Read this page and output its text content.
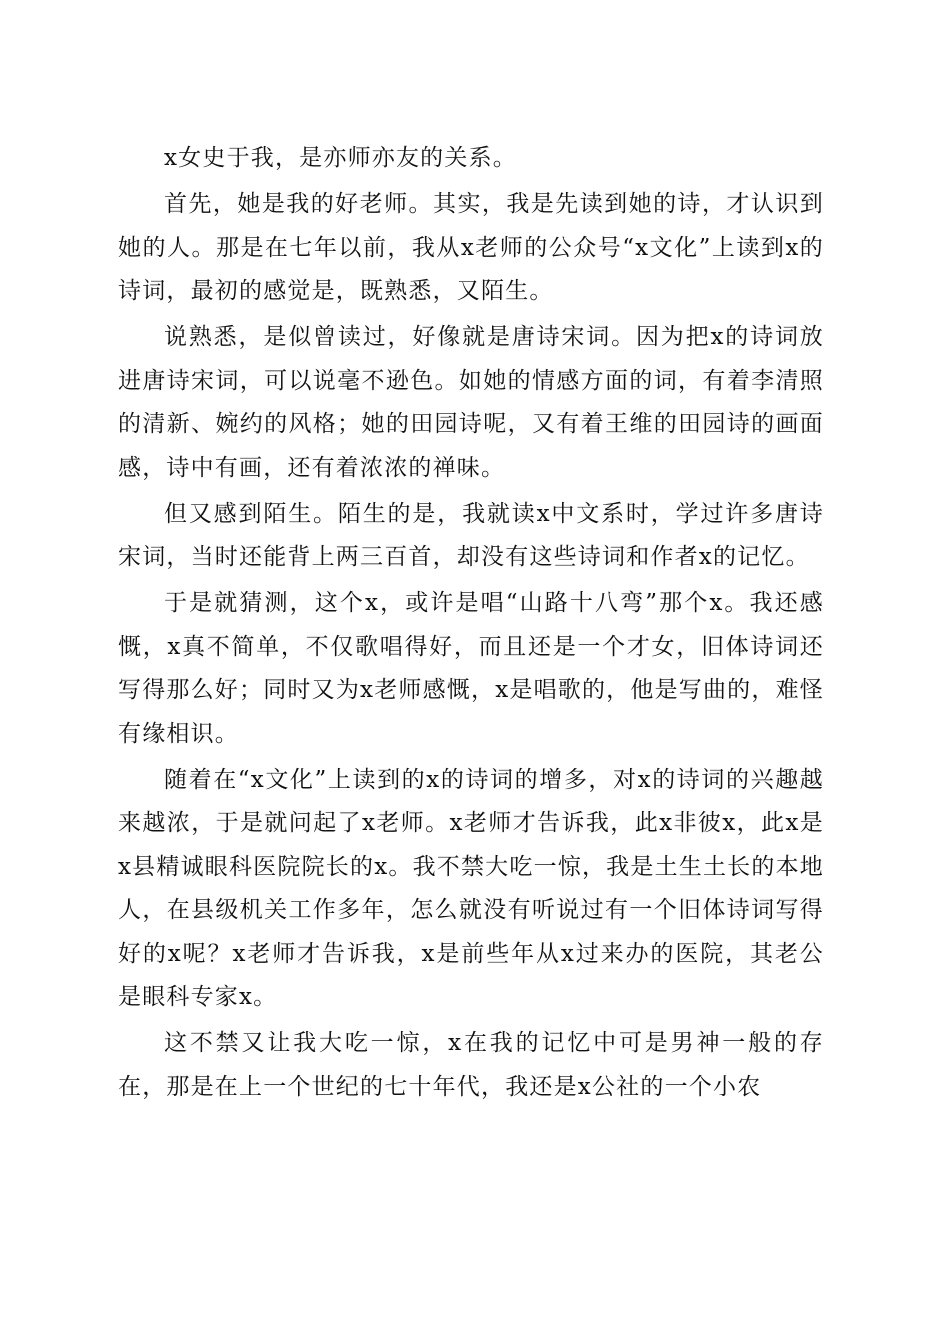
x女史于我，是亦师亦友的关系。

首先，她是我的好老师。其实，我是先读到她的诗，才认识到她的人。那是在七年以前，我从x老师的公众号“x文化”上读到x的诗词，最初的感觉是，既熟悉，又陌生。

说熟悉，是似曾读过，好像就是唐诗宋词。因为把x的诗词放进唐诗宋词，可以说毫不逊色。如她的情感方面的词，有着李清照的清新、婉约的风格；她的田园诗呢，又有着王维的田园诗的画面感，诗中有画，还有着浓浓的禅味。

但又感到陌生。陌生的是，我就读x中文系时，学过许多唐诗宋词，当时还能背上两三百首，却没有这些诗词和作者x的记忆。

于是就猜测，这个x，或许是唱“山路十八弯”那个x。我还感慨，x真不简单，不仅歌唱得好，而且还是一个才女，旧体诗词还写得那么好；同时又为x老师感慨，x是唱歌的，他是写曲的，难怪有缘相识。

随着在“x文化”上读到的x的诗词的增多，对x的诗词的兴趣越来越浓，于是就问起了x老师。x老师才告诉我，此x非彼x，此x是x县精诚眼科医院院长的x。我不禁大吃一惊，我是土生土长的本地人，在县级机关工作多年，怎么就没有听说过有一个旧体诗词写得好的x呢？x老师才告诉我，x是前些年从x过来办的医院，其老公是眼科专家x。

这不禁又让我大吃一惊，x在我的记忆中可是男神一般的存在，那是在上一个世纪的七十年代，我还是x公社的一个小农
